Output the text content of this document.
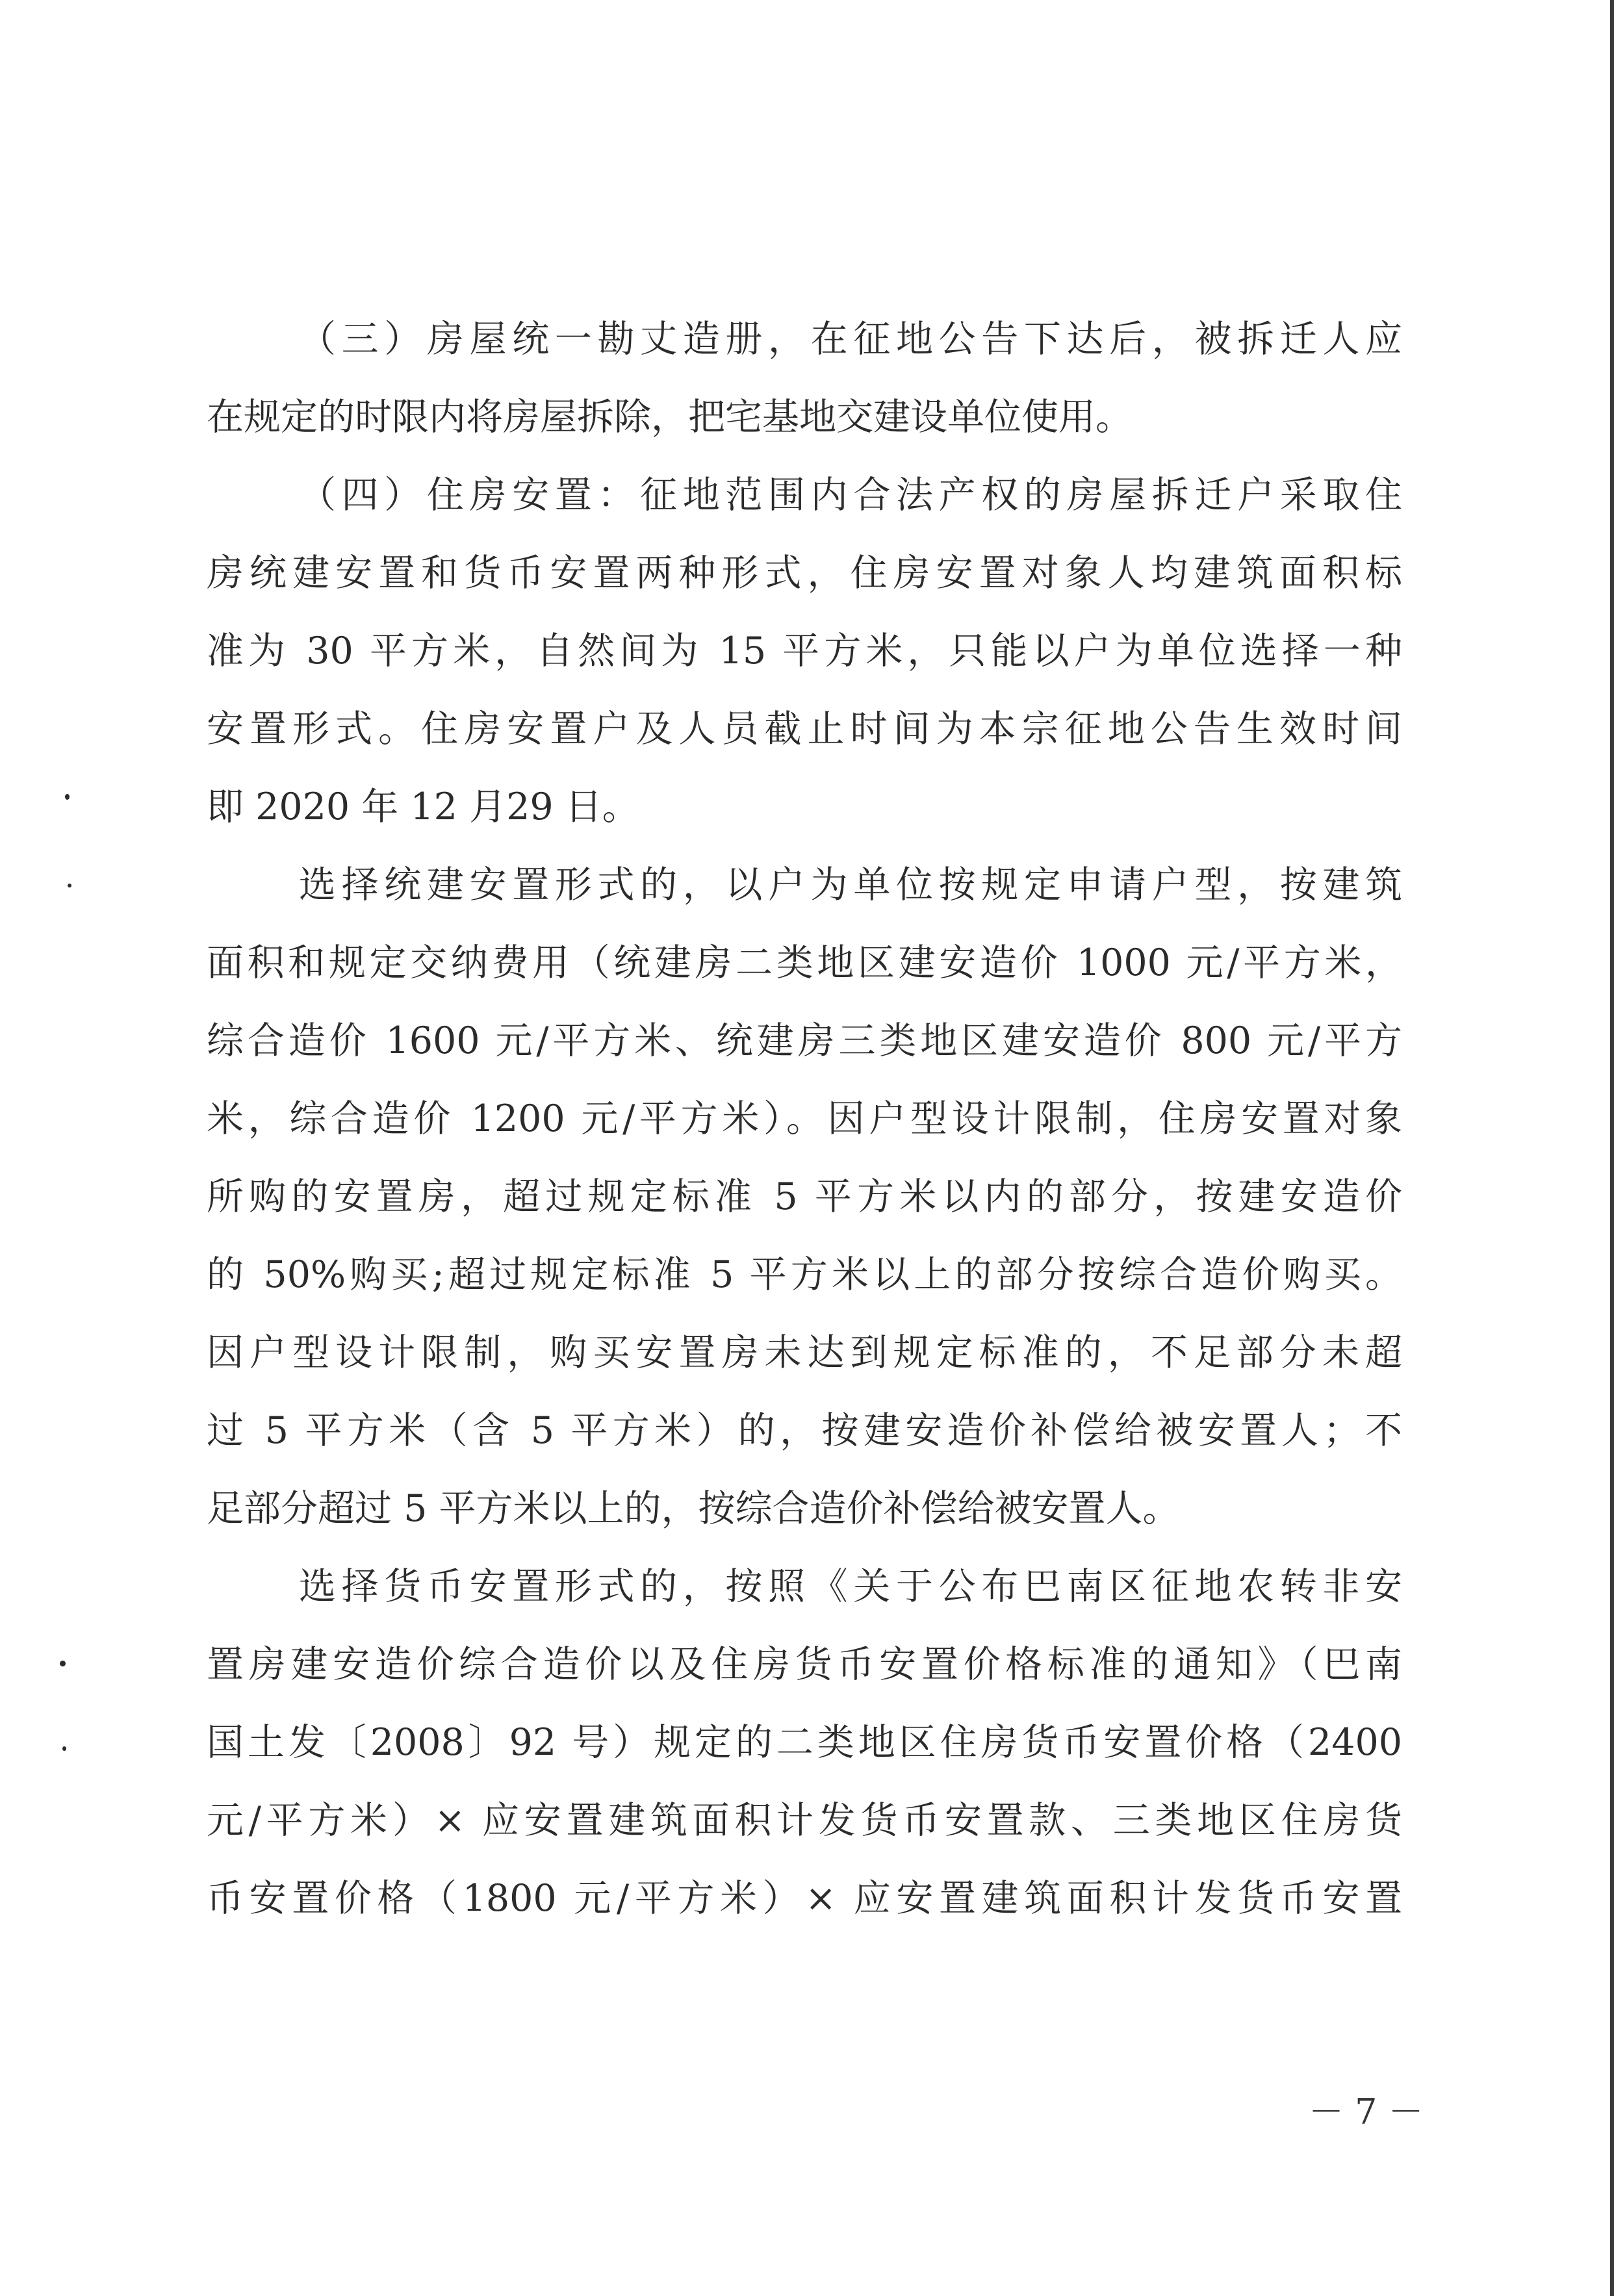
（三）房屋统一勘丈造册，在征地公告下达后，被拆迁人应
在规定的时限内将房屋拆除，把宅基地交建设单位使用。
（四）住房安置：征地范围内合法产权的房屋拆迁户采取住
房统建安置和货币安置两种形式，住房安置对象人均建筑面积标
准为 30 平方米，自然间为 15 平方米，只能以户为单位选择一种
安置形式。住房安置户及人员截止时间为本宗征地公告生效时间
即 2020 年 12 月29 日。
选择统建安置形式的，以户为单位按规定申请户型，按建筑
面积和规定交纳费用（统建房二类地区建安造价 1000 元/平方米，
综合造价 1600 元/平方米、统建房三类地区建安造价 800 元/平方
米，综合造价 1200 元/平方米）。因户型设计限制，住房安置对象
所购的安置房，超过规定标准 5 平方米以内的部分，按建安造价
的 50%购买;超过规定标准 5 平方米以上的部分按综合造价购买。
因户型设计限制，购买安置房未达到规定标准的，不足部分未超
过 5 平方米（含 5 平方米）的，按建安造价补偿给被安置人；不
足部分超过 5 平方米以上的，按综合造价补偿给被安置人。
选择货币安置形式的，按照《关于公布巴南区征地农转非安
置房建安造价综合造价以及住房货币安置价格标准的通知》（巴南
国土发〔2008〕92 号）规定的二类地区住房货币安置价格（2400
元/平方米）× 应安置建筑面积计发货币安置款、三类地区住房货
币安置价格（1800 元/平方米）× 应安置建筑面积计发货币安置
－ 7 －
